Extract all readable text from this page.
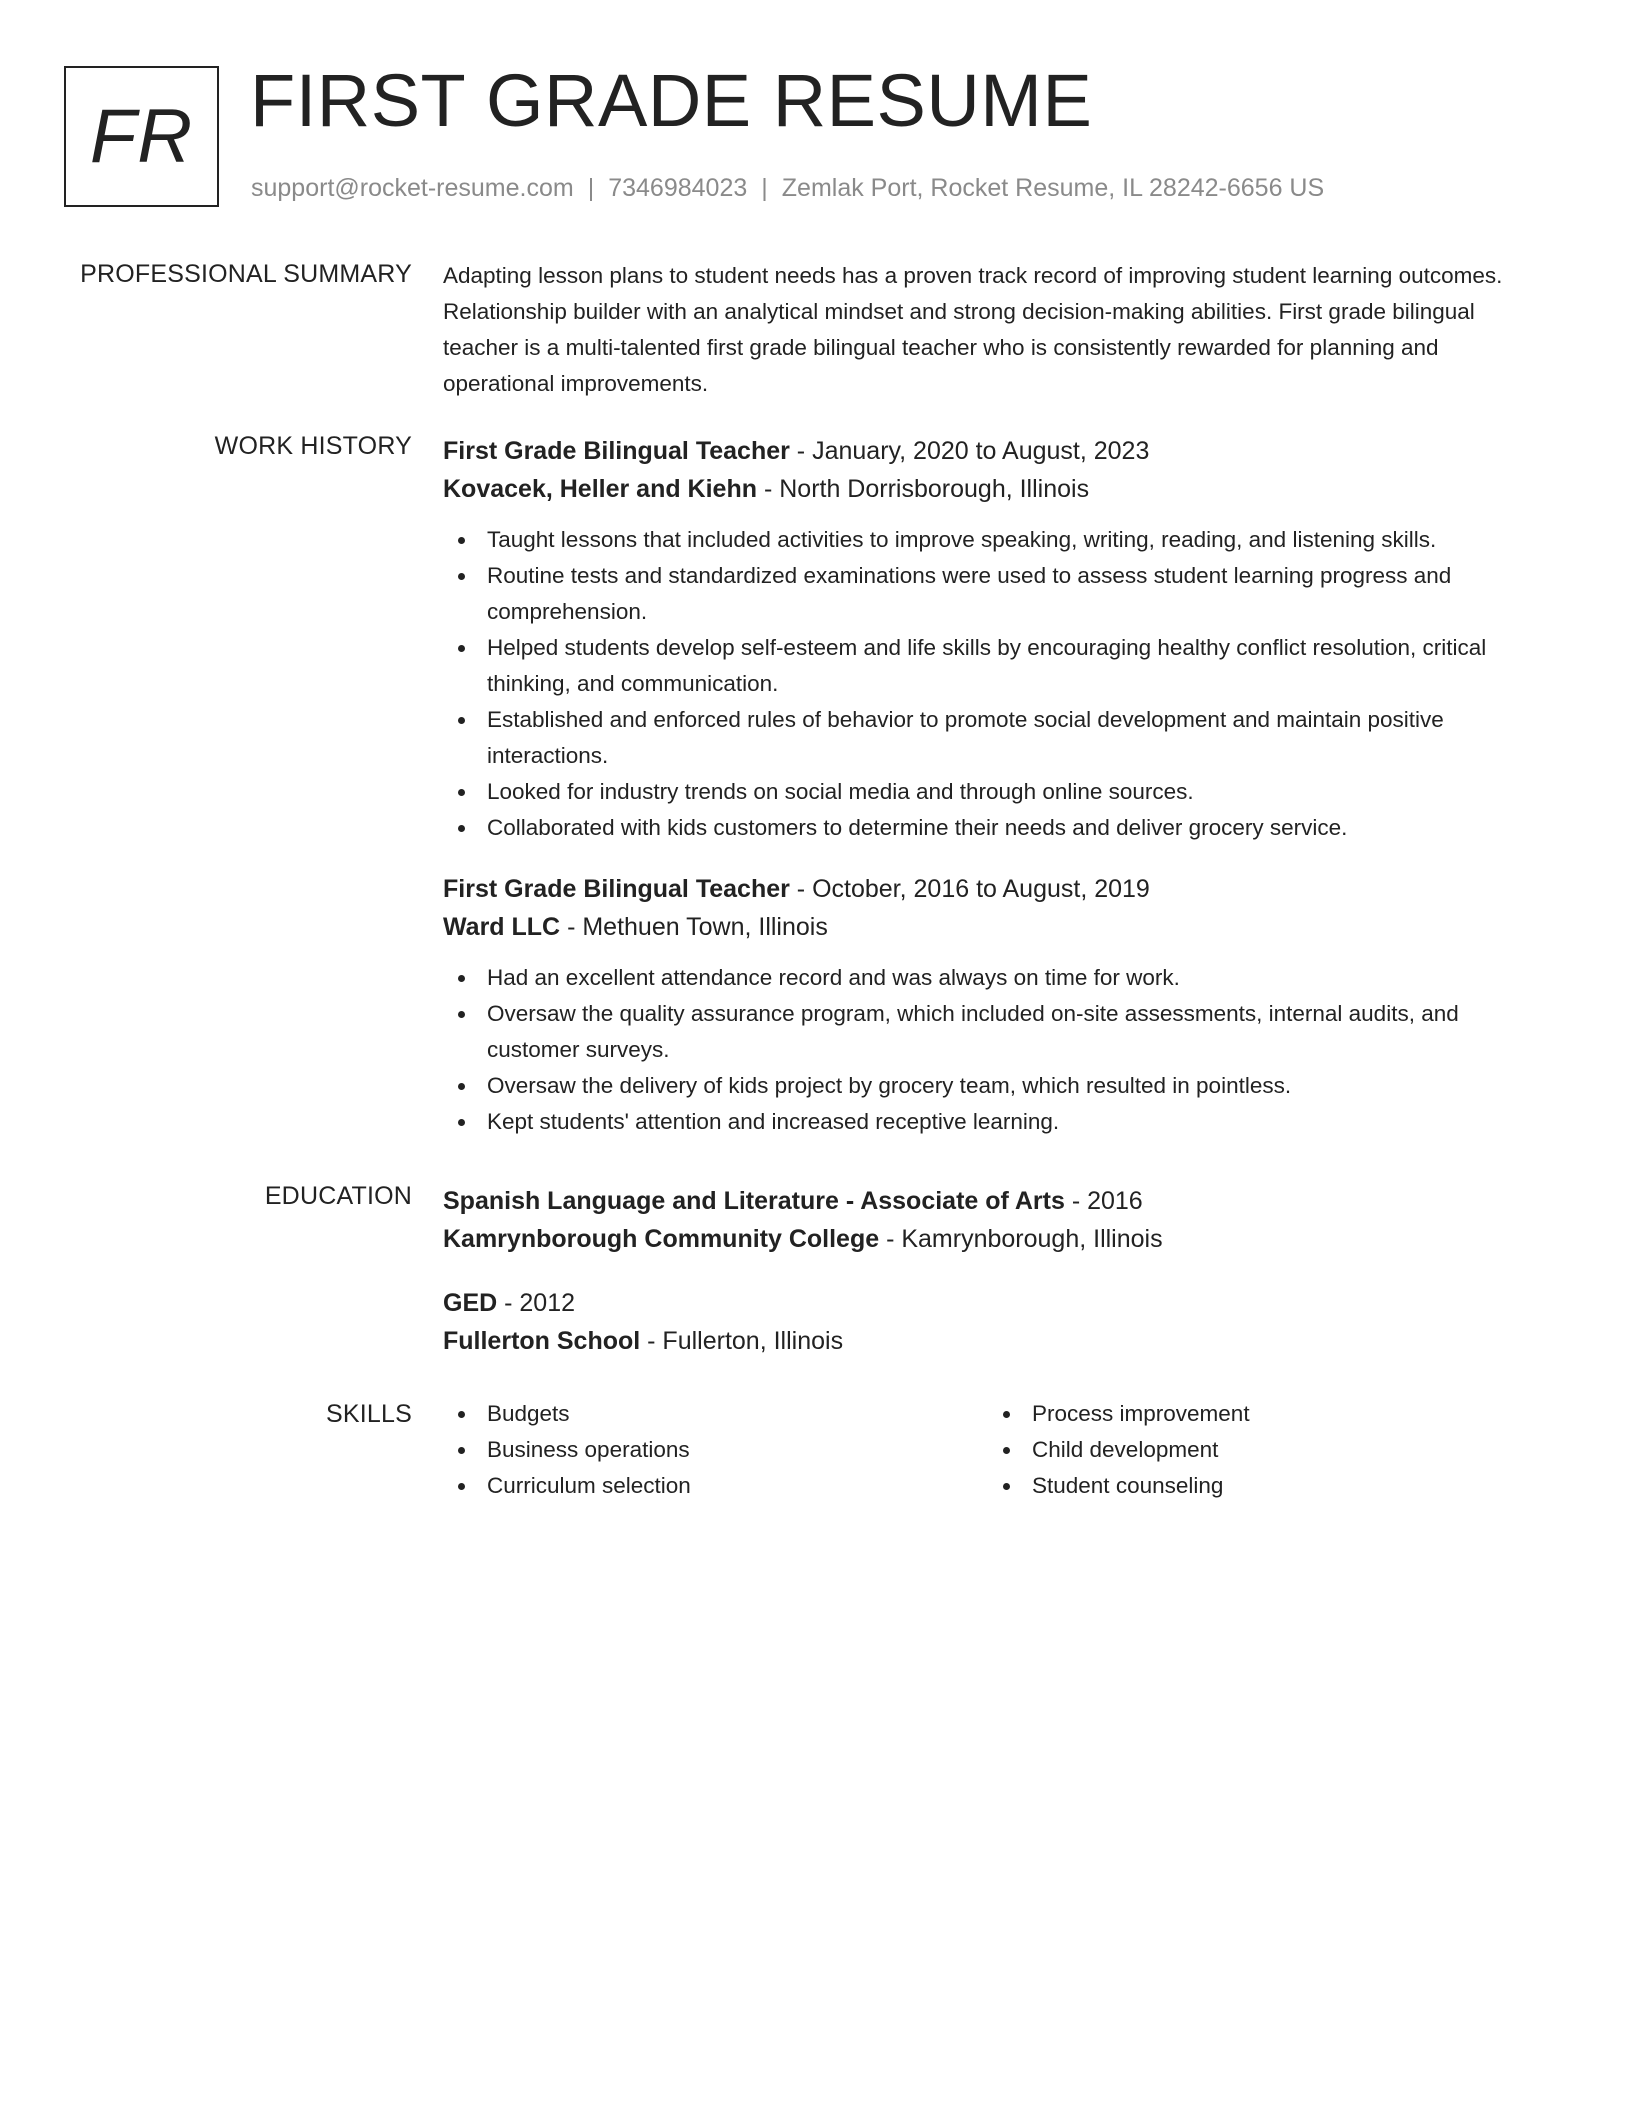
FR FIRST GRADE RESUME
support@rocket-resume.com | 7346984023 | Zemlak Port, Rocket Resume, IL 28242-6656 US
PROFESSIONAL SUMMARY Adapting lesson plans to student needs has a proven track record of improving student learning outcomes. Relationship builder with an analytical mindset and strong decision-making abilities. First grade bilingual teacher is a multi-talented first grade bilingual teacher who is consistently rewarded for planning and operational improvements.

WORK HISTORY First Grade Bilingual Teacher - January, 2020 to August, 2023
Kovacek, Heller and Kiehn - North Dorrisborough, Illinois
Taught lessons that included activities to improve speaking, writing, reading, and listening skills.
Routine tests and standardized examinations were used to assess student learning progress and comprehension.
Helped students develop self-esteem and life skills by encouraging healthy conflict resolution, critical thinking, and communication.
Established and enforced rules of behavior to promote social development and maintain positive interactions.
Looked for industry trends on social media and through online sources.
Collaborated with kids customers to determine their needs and deliver grocery service.
First Grade Bilingual Teacher - October, 2016 to August, 2019
Ward LLC - Methuen Town, Illinois
Had an excellent attendance record and was always on time for work.
Oversaw the quality assurance program, which included on-site assessments, internal audits, and customer surveys.
Oversaw the delivery of kids project by grocery team, which resulted in pointless.
Kept students' attention and increased receptive learning.
EDUCATION Spanish Language and Literature - Associate of Arts - 2016
Kamrynborough Community College - Kamrynborough, Illinois
GED - 2012
Fullerton School - Fullerton, Illinois
SKILLS	Budgets
Business operations
Curriculum selection
Process improvement
Child development
Student counseling
